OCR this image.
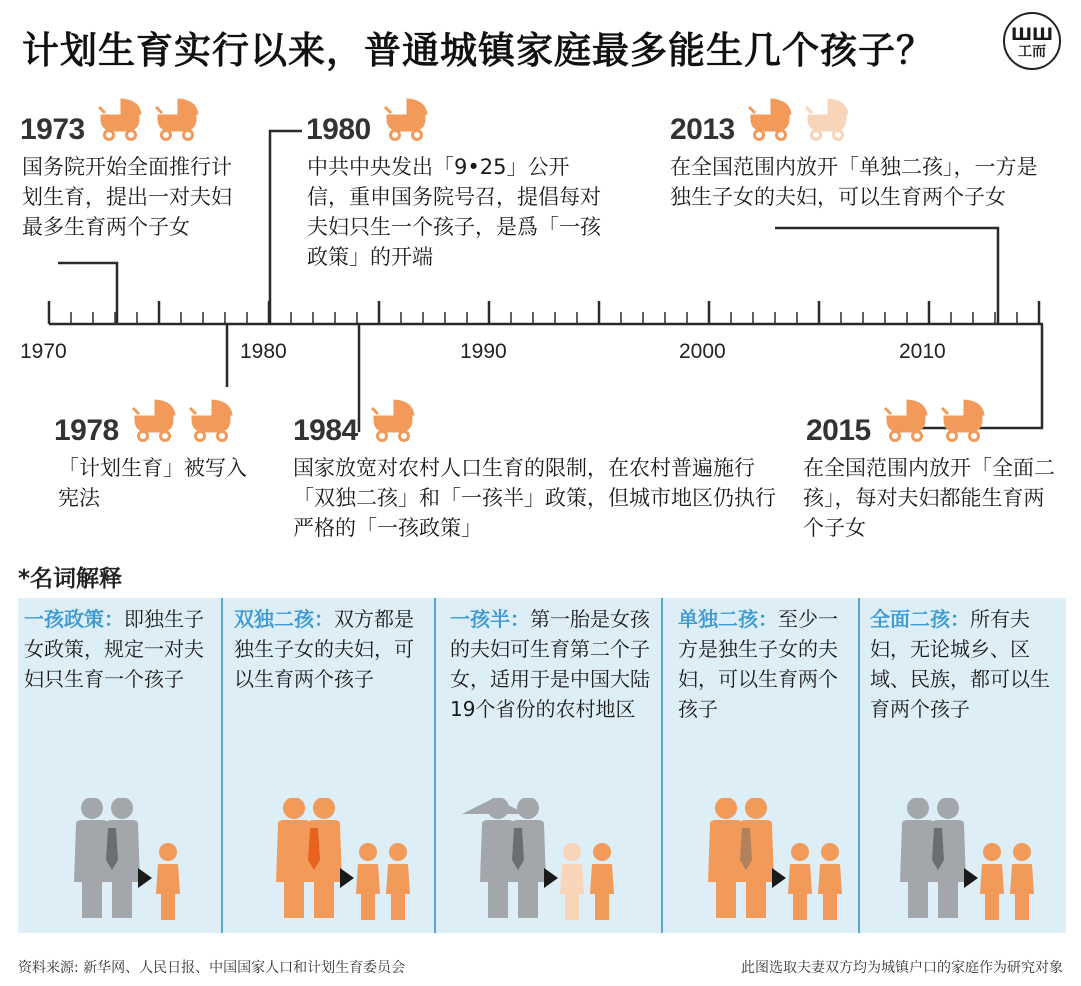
计划生育实行以来，普通城镇家庭最多能生几个孩子？	ШШ
工而
1970	1980	1990	2000	2010
1973
国务院开始全面推行计划生育，提出一对夫妇最多生育两个子女
1980
中共中央发出「9•25」公开信，重申国务院号召，提倡每对夫妇只生一个孩子，是爲「一孩政策」的开端
2013
在全国范围内放开「单独二孩」，一方是独生子女的夫妇，可以生育两个子女
1978
「计划生育」被写入宪法
1984
国家放宽对农村人口生育的限制，在农村普遍施行「双独二孩」和「一孩半」政策，但城市地区仍执行严格的「一孩政策」
2015
在全国范围内放开「全面二孩」，每对夫妇都能生育两个子女
*名词解释
一孩政策：即独生子女政策，规定一对夫妇只生育一个孩子
双独二孩：双方都是独生子女的夫妇，可以生育两个孩子
一孩半：第一胎是女孩的夫妇可生育第二个子女，适用于是中国大陆19个省份的农村地区
单独二孩：至少一方是独生子女的夫妇，可以生育两个孩子
全面二孩：所有夫妇，无论城乡、区域、民族，都可以生育两个孩子
资料来源: 新华网、人民日报、中国国家人口和计划生育委员会	此图选取夫妻双方均为城镇户口的家庭作为研究对象
